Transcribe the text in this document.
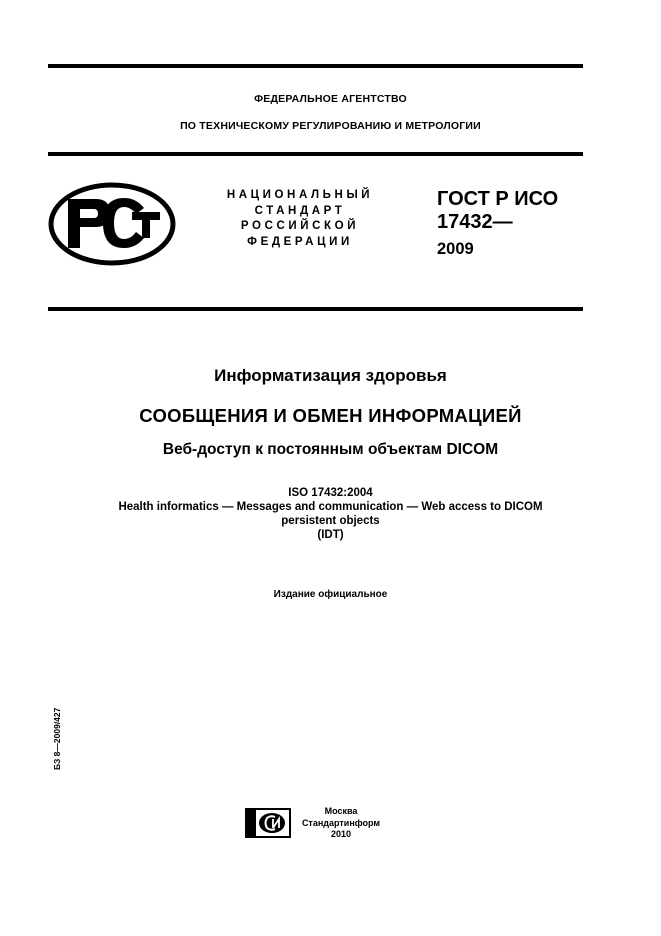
ФЕДЕРАЛЬНОЕ АГЕНТСТВО
ПО ТЕХНИЧЕСКОМУ РЕГУЛИРОВАНИЮ И МЕТРОЛОГИИ
НАЦИОНАЛЬНЫЙ
СТАНДАРТ
РОССИЙСКОЙ
ФЕДЕРАЦИИ
ГОСТ Р ИСО
17432—
2009
Информатизация здоровья
СООБЩЕНИЯ И ОБМЕН ИНФОРМАЦИЕЙ
Веб-доступ к постоянным объектам DICOM
ISO 17432:2004
Health informatics — Messages and communication — Web access to DICOM
persistent objects
(IDT)
Издание официальное
БЗ 8—2009/427
Москва
Стандартинформ
2010
